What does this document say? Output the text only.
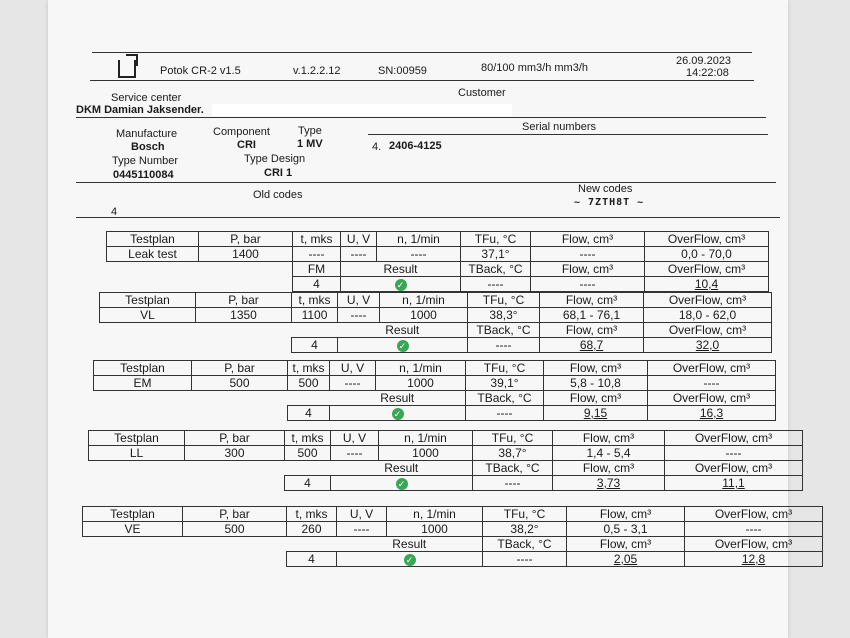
Potok CR-2 v1.5	v.1.2.2.12	SN:00959	80/100 mm3/h mm3/h
26.09.2023
14:22:08
Service center
DKM Damian Jaksender.
Customer
Manufacture
Bosch
Component
CRI
Type
1 MV
Type Number
0445110084
Type Design
CRI 1
Serial numbers
4. 2406-4125
Old codes
4
New codes
~ 7ZTH8T ~
Testplan	P, bar	t, mks	U, V	n, 1/min	TFu, °C	Flow, cm³	OverFlow, cm³
Leak test	1400	----	----	----	37,1°	----	0,0 - 70,0
		FM	Result		TBack, °C	Flow, cm³	OverFlow, cm³
		4	✓		----	----	10,4
Testplan	P, bar	t, mks	U, V	n, 1/min	TFu, °C	Flow, cm³	OverFlow, cm³
VL	1350	1100	----	1000	38,3°	68,1 - 76,1	18,0 - 62,0
			Result		TBack, °C	Flow, cm³	OverFlow, cm³
		4	✓		----	68,7	32,0
Testplan	P, bar	t, mks	U, V	n, 1/min	TFu, °C	Flow, cm³	OverFlow, cm³
EM	500	500	----	1000	39,1°	5,8 - 10,8	----
			Result		TBack, °C	Flow, cm³	OverFlow, cm³
		4	✓		----	9,15	16,3
Testplan	P, bar	t, mks	U, V	n, 1/min	TFu, °C	Flow, cm³	OverFlow, cm³
LL	300	500	----	1000	38,7°	1,4 - 5,4	----
			Result		TBack, °C	Flow, cm³	OverFlow, cm³
		4	✓		----	3,73	11,1
Testplan	P, bar	t, mks	U, V	n, 1/min	TFu, °C	Flow, cm³	OverFlow, cm³
VE	500	260	----	1000	38,2°	0,5 - 3,1	----
			Result		TBack, °C	Flow, cm³	OverFlow, cm³
		4	✓		----	2,05	12,8
